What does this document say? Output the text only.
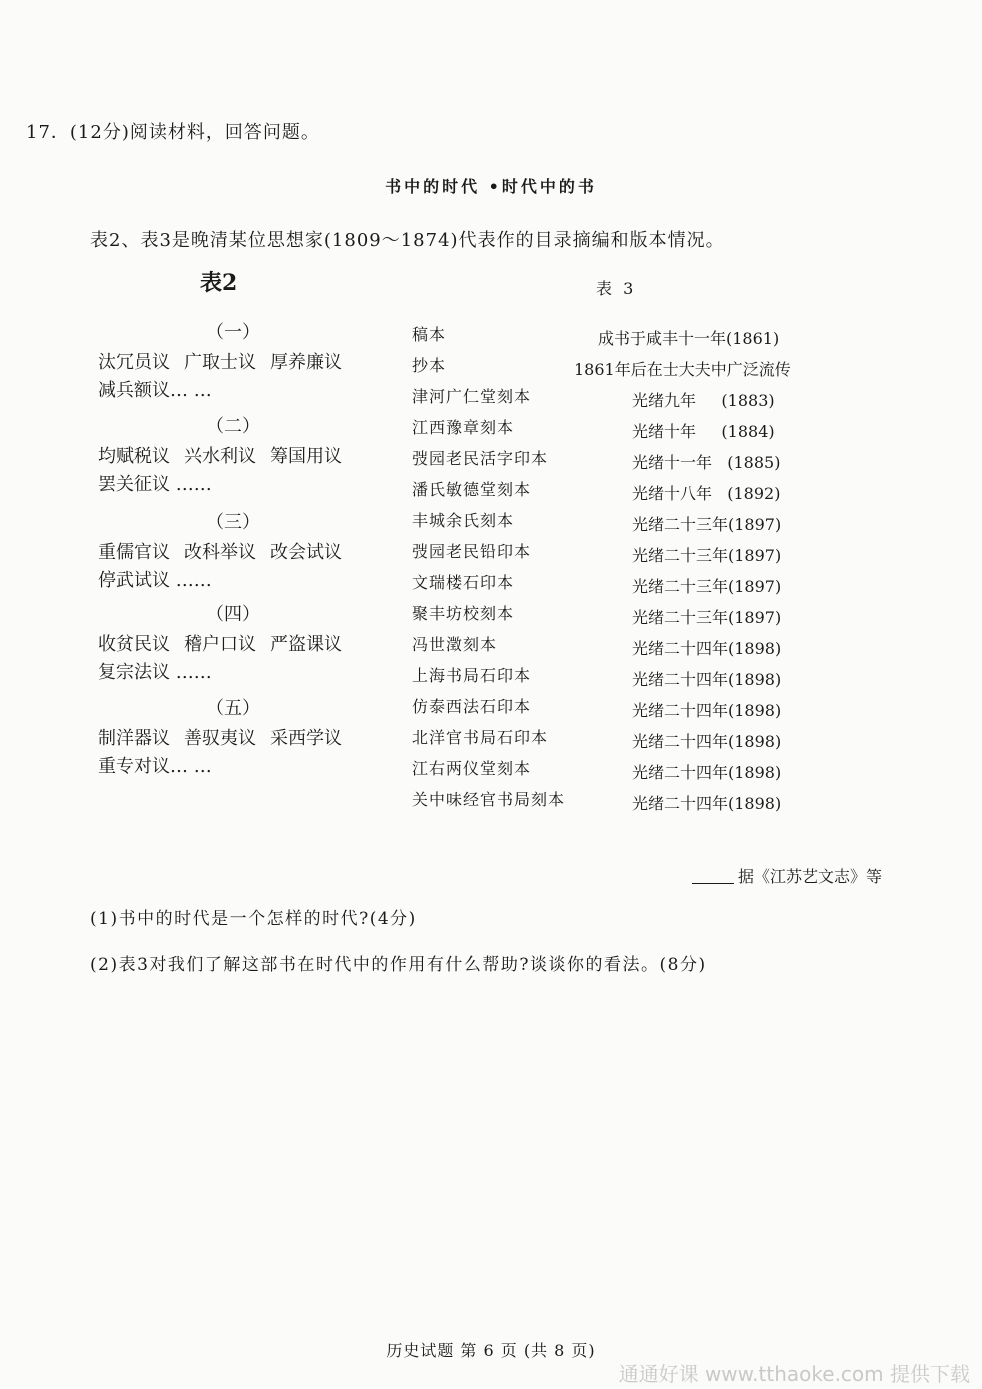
17．(12分)阅读材料，回答问题。
书中的时代 •时代中的书
表2、表3是晚清某位思想家(1809～1874)代表作的目录摘编和版本情况。
表2	表 3
（一）
汰冗员议 广取士议 厚养廉议
减兵额议… …
（二）
均赋税议 兴水利议 筹国用议
罢关征议 ……
（三）
重儒官议 改科举议 改会试议
停武试议 ……
（四）
收贫民议 稽户口议 严盗课议
复宗法议 ……
（五）
制洋器议 善驭夷议 采西学议
重专对议… …
稿本	成书于咸丰十一年(1861)
抄本	1861年后在士大夫中广泛流传
津河广仁堂刻本	光绪九年     (1883)
江西豫章刻本	光绪十年     (1884)
弢园老民活字印本	光绪十一年   (1885)
潘氏敏德堂刻本	光绪十八年   (1892)
丰城余氏刻本	光绪二十三年(1897)
弢园老民铅印本	光绪二十三年(1897)
文瑞楼石印本	光绪二十三年(1897)
聚丰坊校刻本	光绪二十三年(1897)
冯世澂刻本	光绪二十四年(1898)
上海书局石印本	光绪二十四年(1898)
仿泰西法石印本	光绪二十四年(1898)
北洋官书局石印本	光绪二十四年(1898)
江右两仪堂刻本	光绪二十四年(1898)
关中味经官书局刻本	光绪二十四年(1898)
据《江苏艺文志》等
(1)书中的时代是一个怎样的时代?(4分)
(2)表3对我们了解这部书在时代中的作用有什么帮助?谈谈你的看法。(8分)
历史试题 第 6 页 (共 8 页)
通通好课 www.tthaoke.com 提供下载
